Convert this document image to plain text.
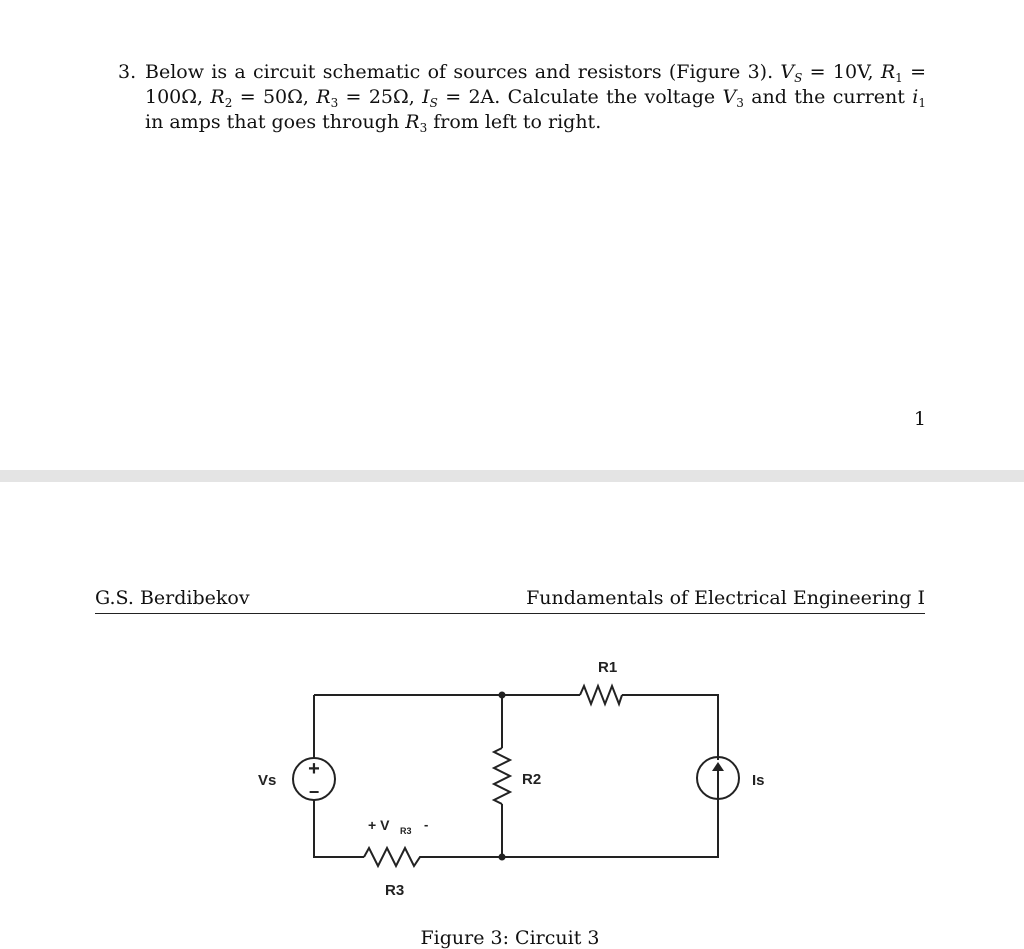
3. Below is a circuit schematic of sources and resistors (Figure 3). $V_S = 10V$, $R_1 = 100\Omega$, $R_2 = 50\Omega$, $R_3 = 25\Omega$, $I_S = 2A$. Calculate the voltage $V_3$ and the current $i_1$ in amps that goes through $R_3$ from left to right.
1
G.S. Berdibekov	Fundamentals of Electrical Engineering I
+
−
R1
R2
R3
Vs	Is
+ V R3 -
Figure 3: Circuit 3
